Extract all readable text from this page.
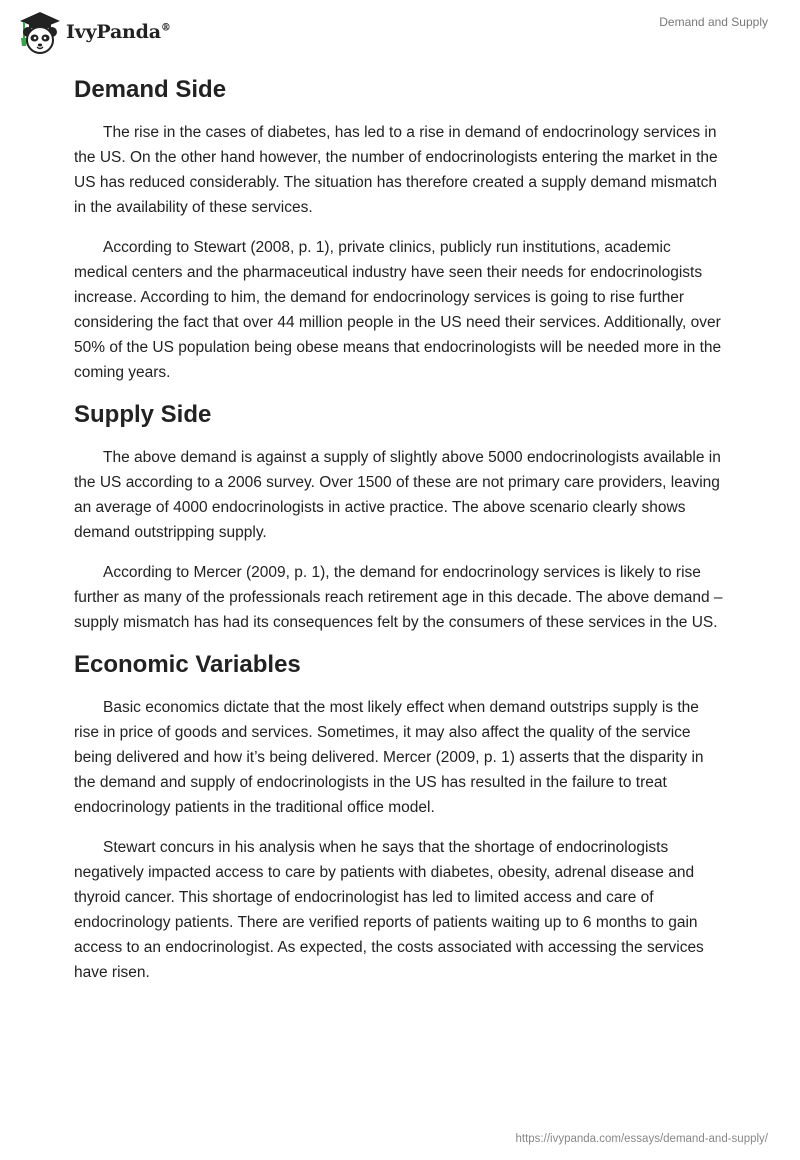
IvyPanda®	Demand and Supply
Demand Side

The rise in the cases of diabetes, has led to a rise in demand of endocrinology services in the US. On the other hand however, the number of endocrinologists entering the market in the US has reduced considerably. The situation has therefore created a supply demand mismatch in the availability of these services.

According to Stewart (2008, p. 1), private clinics, publicly run institutions, academic medical centers and the pharmaceutical industry have seen their needs for endocrinologists increase. According to him, the demand for endocrinology services is going to rise further considering the fact that over 44 million people in the US need their services. Additionally, over 50% of the US population being obese means that endocrinologists will be needed more in the coming years.

Supply Side

The above demand is against a supply of slightly above 5000 endocrinologists available in the US according to a 2006 survey. Over 1500 of these are not primary care providers, leaving an average of 4000 endocrinologists in active practice. The above scenario clearly shows demand outstripping supply.

According to Mercer (2009, p. 1), the demand for endocrinology services is likely to rise further as many of the professionals reach retirement age in this decade. The above demand – supply mismatch has had its consequences felt by the consumers of these services in the US.

Economic Variables

Basic economics dictate that the most likely effect when demand outstrips supply is the rise in price of goods and services. Sometimes, it may also affect the quality of the service being delivered and how it’s being delivered. Mercer (2009, p. 1) asserts that the disparity in the demand and supply of endocrinologists in the US has resulted in the failure to treat endocrinology patients in the traditional office model.

Stewart concurs in his analysis when he says that the shortage of endocrinologists negatively impacted access to care by patients with diabetes, obesity, adrenal disease and thyroid cancer. This shortage of endocrinologist has led to limited access and care of endocrinology patients. There are verified reports of patients waiting up to 6 months to gain access to an endocrinologist. As expected, the costs associated with accessing the services have risen.

https://ivypanda.com/essays/demand-and-supply/
